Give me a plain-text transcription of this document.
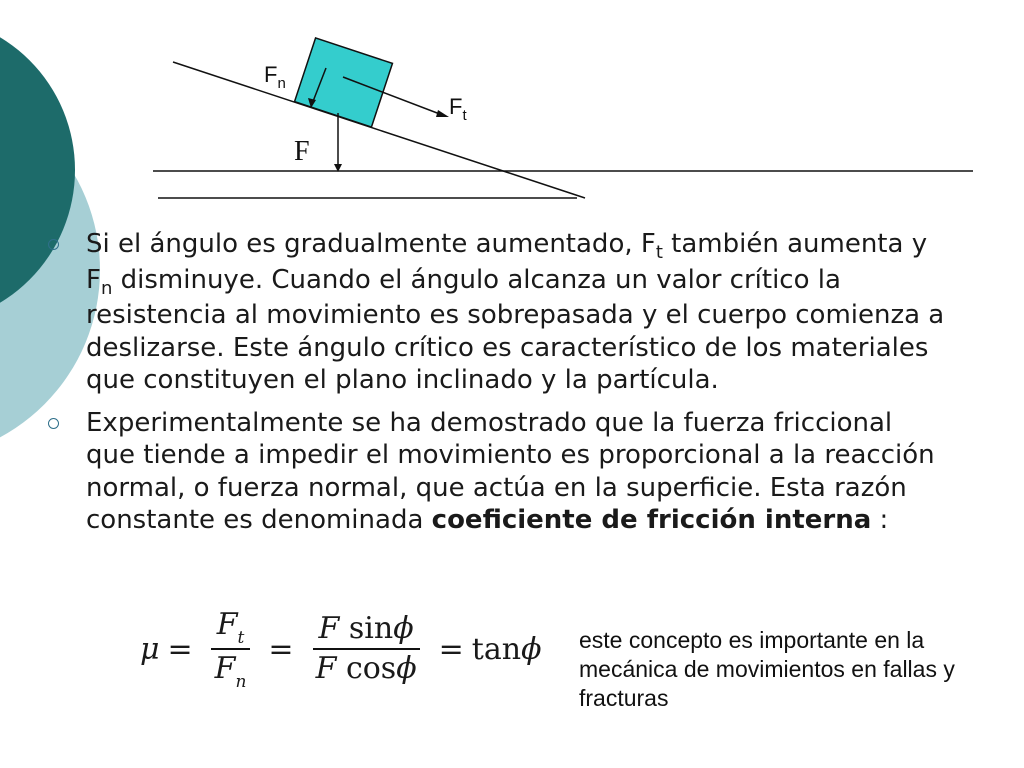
$F_n$
$F_t$
F
Si el ángulo es gradualmente aumentado, $F_t$ también aumenta y $F_n$ disminuye. Cuando el ángulo alcanza un valor crítico la resistencia al movimiento es sobrepasada y el cuerpo comienza a deslizarse. Este ángulo crítico es característico de los materiales que constituyen el plano inclinado y la partícula.
Experimentalmente se ha demostrado que la fuerza friccional que tiende a impedir el movimiento es proporcional a la reacción normal, o fuerza normal, que actúa en la superficie. Esta razón constante es denominada coeficiente de fricción interna :
$\mu = \frac{F_t}{F_n} = \frac{\text{F sinϕ}}{\text{F cosϕ}} = \tan \phi$ este concepto es importante en la mecánica de movimientos en fallas y fracturas
